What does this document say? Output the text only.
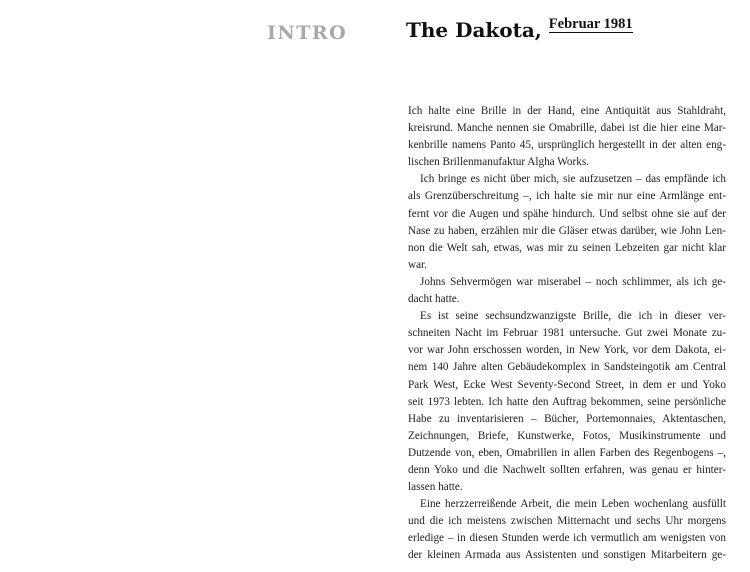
INTRO	The Dakota, Februar 1981

Ich halte eine Brille in der Hand, eine Antiquität aus Stahldraht,
kreisrund. Manche nennen sie Omabrille, dabei ist die hier eine Mar-
kenbrille namens Panto 45, ursprünglich hergestellt in der alten eng-
lischen Brillenmanufaktur Algha Works.

Ich bringe es nicht über mich, sie aufzusetzen – das empfände ich
als Grenzüberschreitung –, ich halte sie mir nur eine Armlänge ent-
fernt vor die Augen und spähe hindurch. Und selbst ohne sie auf der
Nase zu haben, erzählen mir die Gläser etwas darüber, wie John Len-
non die Welt sah, etwas, was mir zu seinen Lebzeiten gar nicht klar
war.

Johns Sehvermögen war miserabel – noch schlimmer, als ich ge-
dacht hatte.

Es ist seine sechsundzwanzigste Brille, die ich in dieser ver-
schneiten Nacht im Februar 1981 untersuche. Gut zwei Monate zu-
vor war John erschossen worden, in New York, vor dem Dakota, ei-
nem 140 Jahre alten Gebäudekomplex in Sandsteingotik am Central
Park West, Ecke West Seventy-Second Street, in dem er und Yoko
seit 1973 lebten. Ich hatte den Auftrag bekommen, seine persönliche
Habe zu inventarisieren – Bücher, Portemonnaies, Aktentaschen,
Zeichnungen, Briefe, Kunstwerke, Fotos, Musikinstrumente und
Dutzende von, eben, Omabrillen in allen Farben des Regenbogens –,
denn Yoko und die Nachwelt sollten erfahren, was genau er hinter-
lassen hatte.

Eine herzzerreißende Arbeit, die mein Leben wochenlang ausfüllt
und die ich meistens zwischen Mitternacht und sechs Uhr morgens
erledige – in diesen Stunden werde ich vermutlich am wenigsten von
der kleinen Armada aus Assistenten und sonstigen Mitarbeitern ge-
